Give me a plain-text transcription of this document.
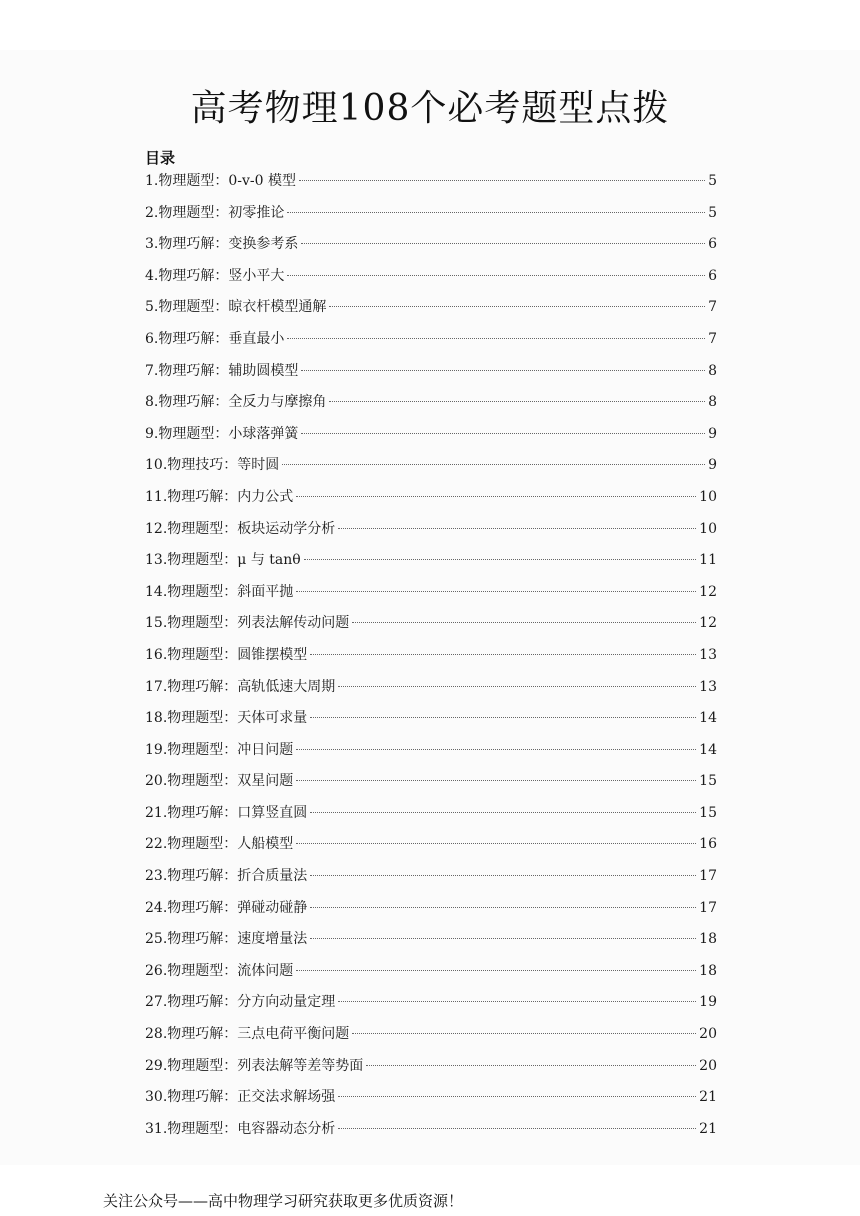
高考物理108个必考题型点拨
目录
1.物理题型：0-v-0 模型	5
2.物理题型：初零推论	5
3.物理巧解：变换参考系	6
4.物理巧解：竖小平大	6
5.物理题型：晾衣杆模型通解	7
6.物理巧解：垂直最小	7
7.物理巧解：辅助圆模型	8
8.物理巧解：全反力与摩擦角	8
9.物理题型：小球落弹簧	9
10.物理技巧：等时圆	9
11.物理巧解：内力公式	10
12.物理题型：板块运动学分析	10
13.物理题型：μ 与 tanθ	11
14.物理题型：斜面平抛	12
15.物理题型：列表法解传动问题	12
16.物理题型：圆锥摆模型	13
17.物理巧解：高轨低速大周期	13
18.物理题型：天体可求量	14
19.物理题型：冲日问题	14
20.物理题型：双星问题	15
21.物理巧解：口算竖直圆	15
22.物理题型：人船模型	16
23.物理巧解：折合质量法	17
24.物理巧解：弹碰动碰静	17
25.物理巧解：速度增量法	18
26.物理题型：流体问题	18
27.物理巧解：分方向动量定理	19
28.物理巧解：三点电荷平衡问题	20
29.物理题型：列表法解等差等势面	20
30.物理巧解：正交法求解场强	21
31.物理题型：电容器动态分析	21
关注公众号——高中物理学习研究获取更多优质资源！
